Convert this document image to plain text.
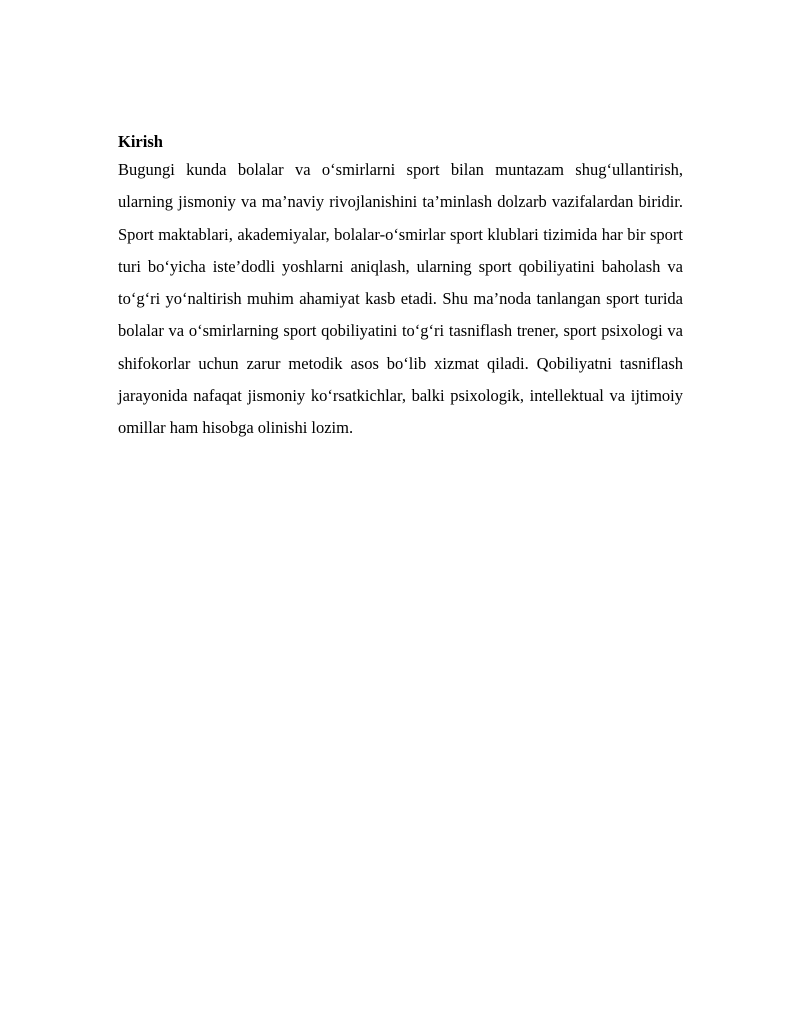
Kirish

Bugungi kunda bolalar va o‘smirlarni sport bilan muntazam shug‘ullantirish, ularning jismoniy va ma’naviy rivojlanishini ta’minlash dolzarb vazifalardan biridir. Sport maktablari, akademiyalar, bolalar-o‘smirlar sport klublari tizimida har bir sport turi bo‘yicha iste’dodli yoshlarni aniqlash, ularning sport qobiliyatini baholash va to‘g‘ri yo‘naltirish muhim ahamiyat kasb etadi. Shu ma’noda tanlangan sport turida bolalar va o‘smirlarning sport qobiliyatini to‘g‘ri tasniflash trener, sport psixologi va shifokorlar uchun zarur metodik asos bo‘lib xizmat qiladi. Qobiliyatni tasniflash jarayonida nafaqat jismoniy ko‘rsatkichlar, balki psixologik, intellektual va ijtimoiy omillar ham hisobga olinishi lozim.
